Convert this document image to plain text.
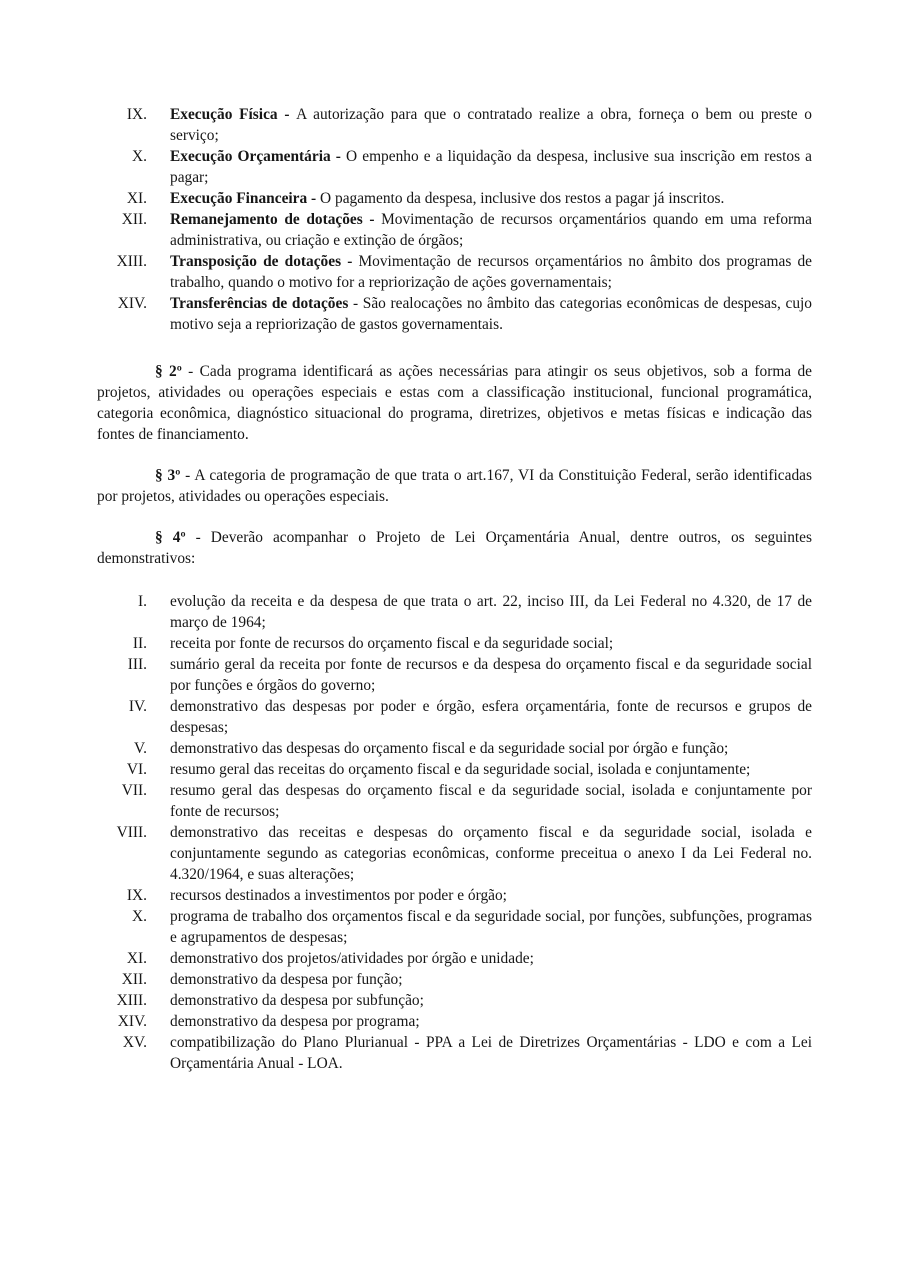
IX. Execução Física - A autorização para que o contratado realize a obra, forneça o bem ou preste o serviço;
X. Execução Orçamentária - O empenho e a liquidação da despesa, inclusive sua inscrição em restos a pagar;
XI. Execução Financeira - O pagamento da despesa, inclusive dos restos a pagar já inscritos.
XII. Remanejamento de dotações - Movimentação de recursos orçamentários quando em uma reforma administrativa, ou criação e extinção de órgãos;
XIII. Transposição de dotações - Movimentação de recursos orçamentários no âmbito dos programas de trabalho, quando o motivo for a repriorização de ações governamentais;
XIV. Transferências de dotações - São realocações no âmbito das categorias econômicas de despesas, cujo motivo seja a repriorização de gastos governamentais.

§ 2º - Cada programa identificará as ações necessárias para atingir os seus objetivos, sob a forma de projetos, atividades ou operações especiais e estas com a classificação institucional, funcional programática, categoria econômica, diagnóstico situacional do programa, diretrizes, objetivos e metas físicas e indicação das fontes de financiamento.

§ 3º - A categoria de programação de que trata o art.167, VI da Constituição Federal, serão identificadas por projetos, atividades ou operações especiais.

§ 4º - Deverão acompanhar o Projeto de Lei Orçamentária Anual, dentre outros, os seguintes demonstrativos:

I. evolução da receita e da despesa de que trata o art. 22, inciso III, da Lei Federal no 4.320, de 17 de março de 1964;
II. receita por fonte de recursos do orçamento fiscal e da seguridade social;
III. sumário geral da receita por fonte de recursos e da despesa do orçamento fiscal e da seguridade social por funções e órgãos do governo;
IV. demonstrativo das despesas por poder e órgão, esfera orçamentária, fonte de recursos e grupos de despesas;
V. demonstrativo das despesas do orçamento fiscal e da seguridade social por órgão e função;
VI. resumo geral das receitas do orçamento fiscal e da seguridade social, isolada e conjuntamente;
VII. resumo geral das despesas do orçamento fiscal e da seguridade social, isolada e conjuntamente por fonte de recursos;
VIII. demonstrativo das receitas e despesas do orçamento fiscal e da seguridade social, isolada e conjuntamente segundo as categorias econômicas, conforme preceitua o anexo I da Lei Federal no. 4.320/1964, e suas alterações;
IX. recursos destinados a investimentos por poder e órgão;
X. programa de trabalho dos orçamentos fiscal e da seguridade social, por funções, subfunções, programas e agrupamentos de despesas;
XI. demonstrativo dos projetos/atividades por órgão e unidade;
XII. demonstrativo da despesa por função;
XIII. demonstrativo da despesa por subfunção;
XIV. demonstrativo da despesa por programa;
XV. compatibilização do Plano Plurianual - PPA a Lei de Diretrizes Orçamentárias - LDO e com a Lei Orçamentária Anual - LOA.
